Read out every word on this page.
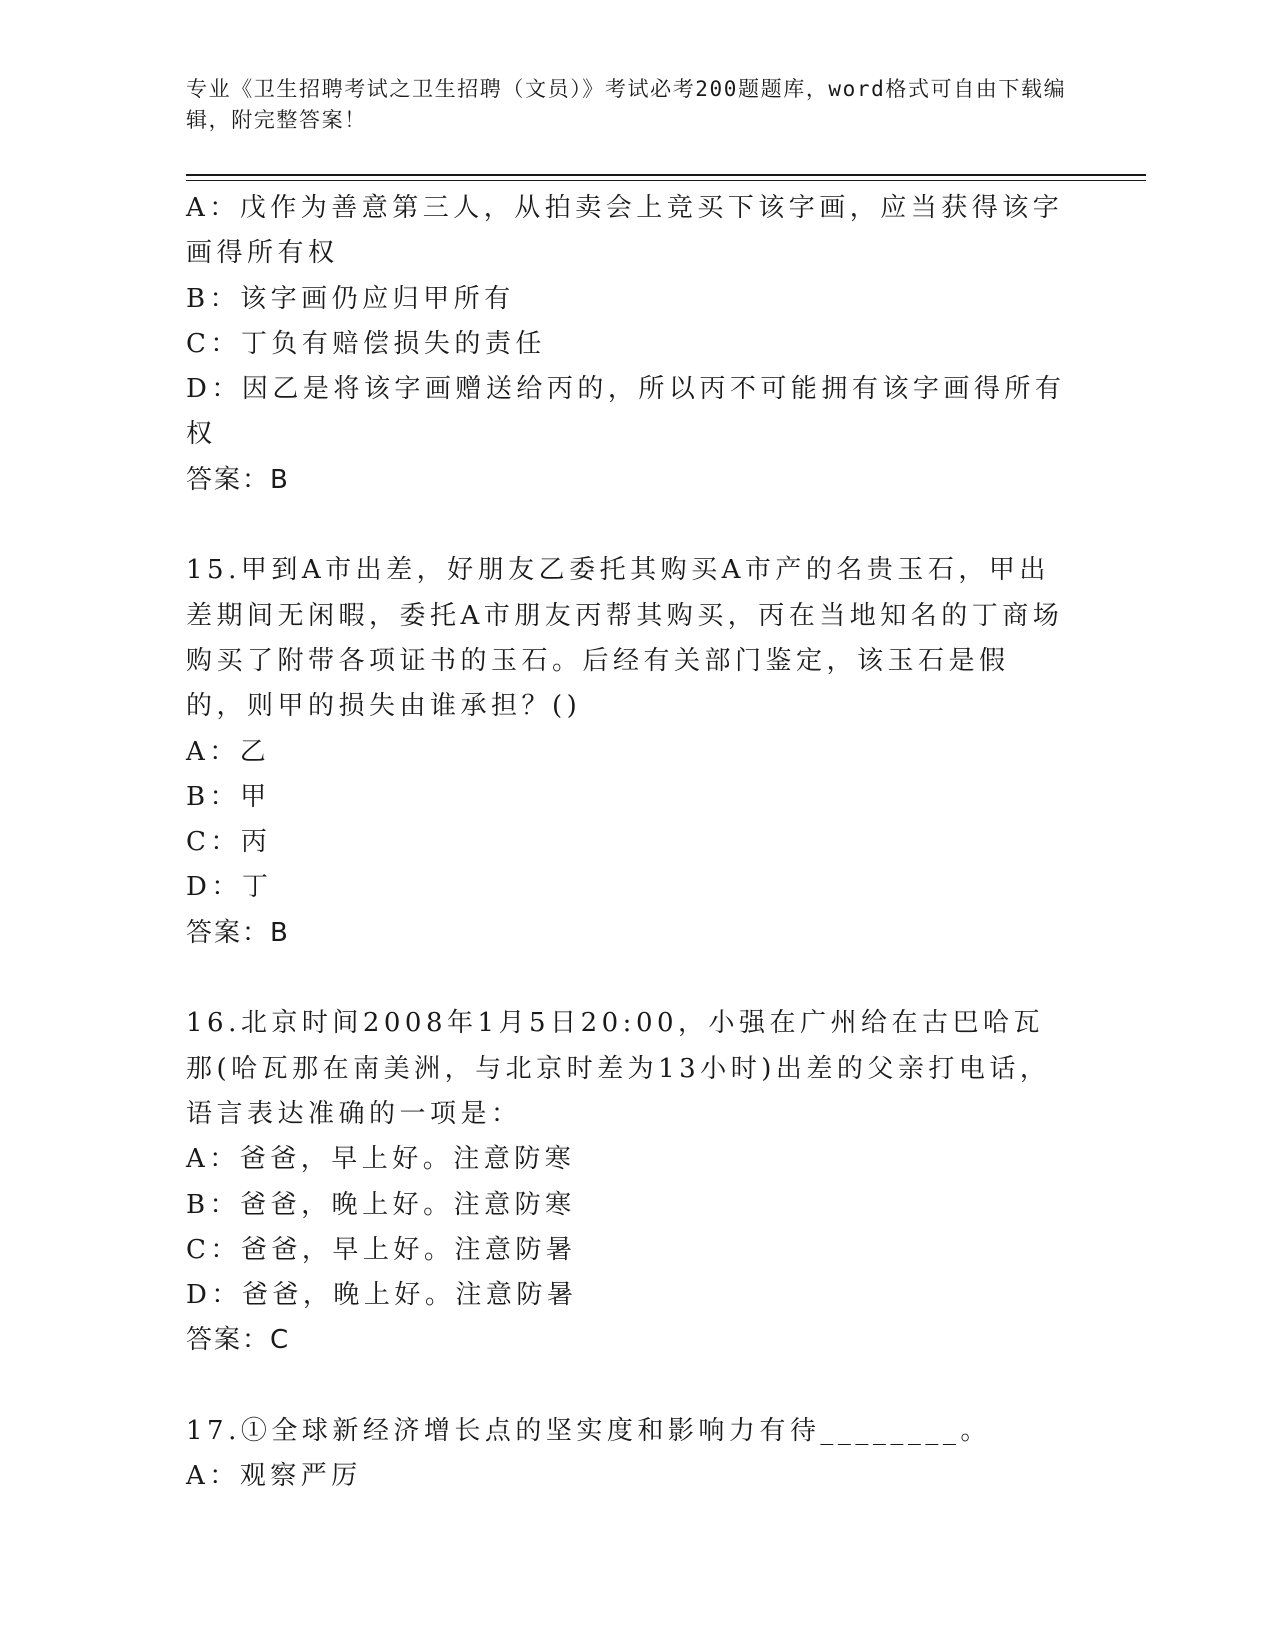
专业《卫生招聘考试之卫生招聘（文员）》考试必考200题题库，word格式可自由下载编辑，附完整答案！

A：戊作为善意第三人，从拍卖会上竞买下该字画，应当获得该字画得所有权

B：该字画仍应归甲所有

C：丁负有赔偿损失的责任

D：因乙是将该字画赠送给丙的，所以丙不可能拥有该字画得所有权

答案：B

15.甲到A市出差，好朋友乙委托其购买A市产的名贵玉石，甲出差期间无闲暇，委托A市朋友丙帮其购买，丙在当地知名的丁商场购买了附带各项证书的玉石。后经有关部门鉴定，该玉石是假的，则甲的损失由谁承担？()

A：乙

B：甲

C：丙

D：丁

答案：B

16.北京时间2008年1月5日20:00，小强在广州给在古巴哈瓦那(哈瓦那在南美洲，与北京时差为13小时)出差的父亲打电话，语言表达准确的一项是：

A：爸爸，早上好。注意防寒

B：爸爸，晚上好。注意防寒

C：爸爸，早上好。注意防暑

D：爸爸，晚上好。注意防暑

答案：C

17.①全球新经济增长点的坚实度和影响力有待________。

A：观察严厉
